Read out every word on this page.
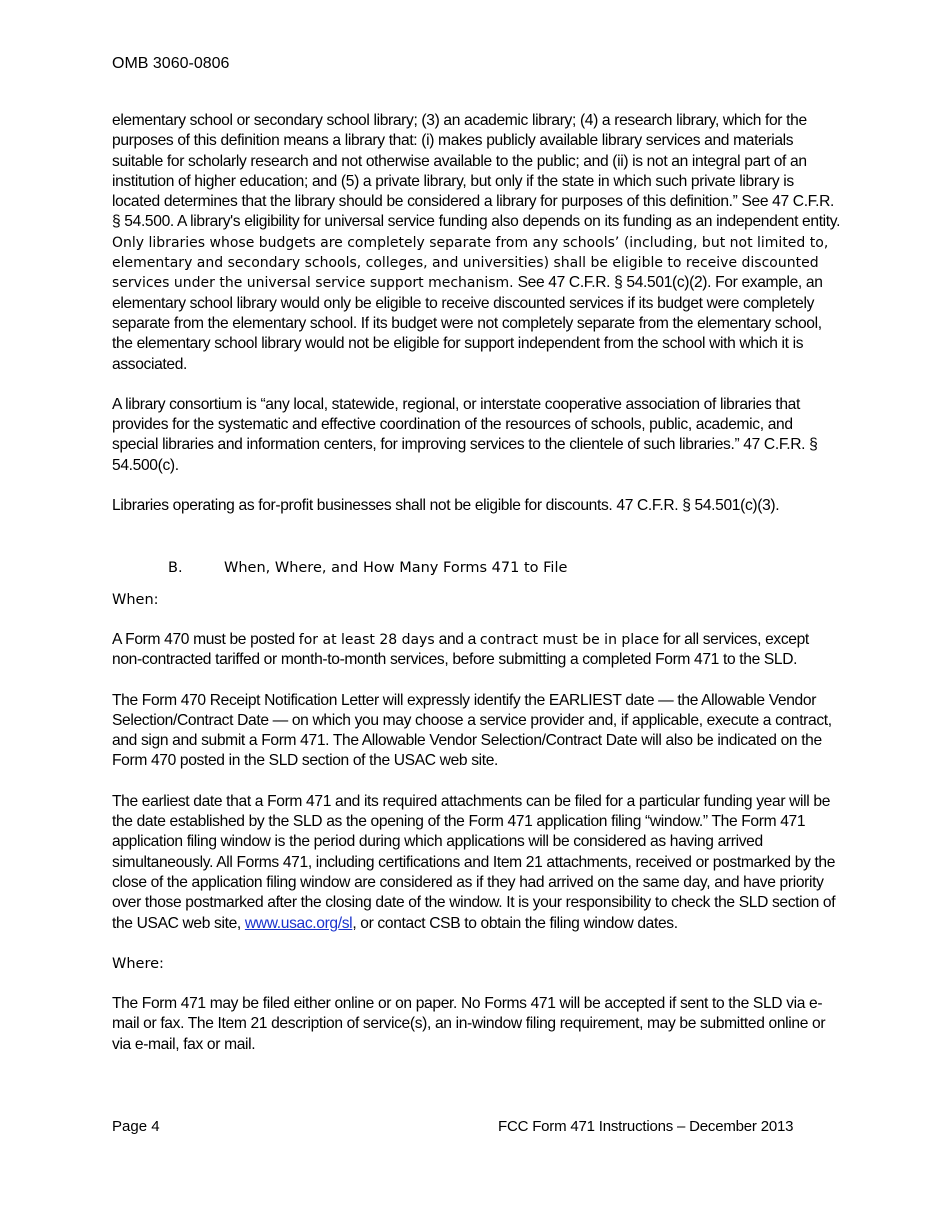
OMB 3060-0806

elementary school or secondary school library; (3) an academic library; (4) a research library, which for the purposes of this definition means a library that: (i) makes publicly available library services and materials suitable for scholarly research and not otherwise available to the public; and (ii) is not an integral part of an institution of higher education; and (5) a private library, but only if the state in which such private library is located determines that the library should be considered a library for purposes of this definition.” See 47 C.F.R. § 54.500. A library's eligibility for universal service funding also depends on its funding as an independent entity. Only libraries whose budgets are completely separate from any schools’ (including, but not limited to, elementary and secondary schools, colleges, and universities) shall be eligible to receive discounted services under the universal service support mechanism. See 47 C.F.R. § 54.501(c)(2). For example, an elementary school library would only be eligible to receive discounted services if its budget were completely separate from the elementary school. If its budget were not completely separate from the elementary school, the elementary school library would not be eligible for support independent from the school with which it is associated.

A library consortium is “any local, statewide, regional, or interstate cooperative association of libraries that provides for the systematic and effective coordination of the resources of schools, public, academic, and special libraries and information centers, for improving services to the clientele of such libraries.” 47 C.F.R. § 54.500(c).

Libraries operating as for-profit businesses shall not be eligible for discounts. 47 C.F.R. § 54.501(c)(3).

B.	When, Where, and How Many Forms 471 to File

When:

A Form 470 must be posted for at least 28 days and a contract must be in place for all services, except non-contracted tariffed or month-to-month services, before submitting a completed Form 471 to the SLD.

The Form 470 Receipt Notification Letter will expressly identify the EARLIEST date — the Allowable Vendor Selection/Contract Date — on which you may choose a service provider and, if applicable, execute a contract, and sign and submit a Form 471. The Allowable Vendor Selection/Contract Date will also be indicated on the Form 470 posted in the SLD section of the USAC web site.

The earliest date that a Form 471 and its required attachments can be filed for a particular funding year will be the date established by the SLD as the opening of the Form 471 application filing “window.” The Form 471 application filing window is the period during which applications will be considered as having arrived simultaneously. All Forms 471, including certifications and Item 21 attachments, received or postmarked by the close of the application filing window are considered as if they had arrived on the same day, and have priority over those postmarked after the closing date of the window. It is your responsibility to check the SLD section of the USAC web site, www.usac.org/sl, or contact CSB to obtain the filing window dates.

Where:

The Form 471 may be filed either online or on paper. No Forms 471 will be accepted if sent to the SLD via e-mail or fax. The Item 21 description of service(s), an in-window filing requirement, may be submitted online or via e-mail, fax or mail.

Page 4	FCC Form 471 Instructions – December 2013
